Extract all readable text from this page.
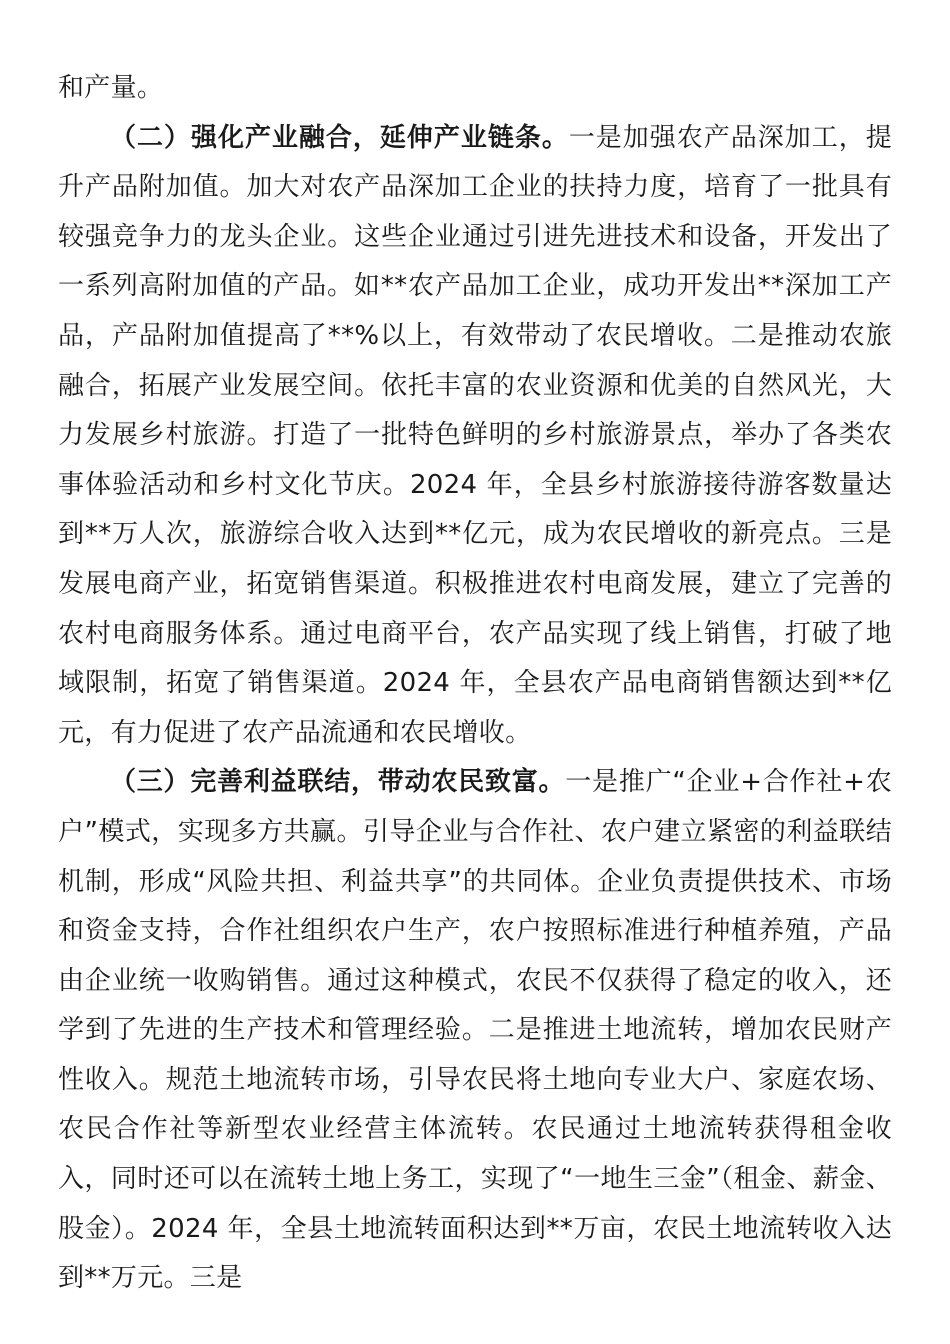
和产量。

（二）强化产业融合，延伸产业链条。一是加强农产品深加工，提升产品附加值。加大对农产品深加工企业的扶持力度，培育了一批具有较强竞争力的龙头企业。这些企业通过引进先进技术和设备，开发出了一系列高附加值的产品。如**农产品加工企业，成功开发出**深加工产品，产品附加值提高了**%以上，有效带动了农民增收。二是推动农旅融合，拓展产业发展空间。依托丰富的农业资源和优美的自然风光，大力发展乡村旅游。打造了一批特色鲜明的乡村旅游景点，举办了各类农事体验活动和乡村文化节庆。2024 年，全县乡村旅游接待游客数量达到**万人次，旅游综合收入达到**亿元，成为农民增收的新亮点。三是发展电商产业，拓宽销售渠道。积极推进农村电商发展，建立了完善的农村电商服务体系。通过电商平台，农产品实现了线上销售，打破了地域限制，拓宽了销售渠道。2024 年，全县农产品电商销售额达到**亿元，有力促进了农产品流通和农民增收。

（三）完善利益联结，带动农民致富。一是推广“企业+合作社+农户”模式，实现多方共赢。引导企业与合作社、农户建立紧密的利益联结机制，形成“风险共担、利益共享”的共同体。企业负责提供技术、市场和资金支持，合作社组织农户生产，农户按照标准进行种植养殖，产品由企业统一收购销售。通过这种模式，农民不仅获得了稳定的收入，还学到了先进的生产技术和管理经验。二是推进土地流转，增加农民财产性收入。规范土地流转市场，引导农民将土地向专业大户、家庭农场、农民合作社等新型农业经营主体流转。农民通过土地流转获得租金收入，同时还可以在流转土地上务工，实现了“一地生三金”（租金、薪金、股金）。2024 年，全县土地流转面积达到**万亩，农民土地流转收入达到**万元。三是
